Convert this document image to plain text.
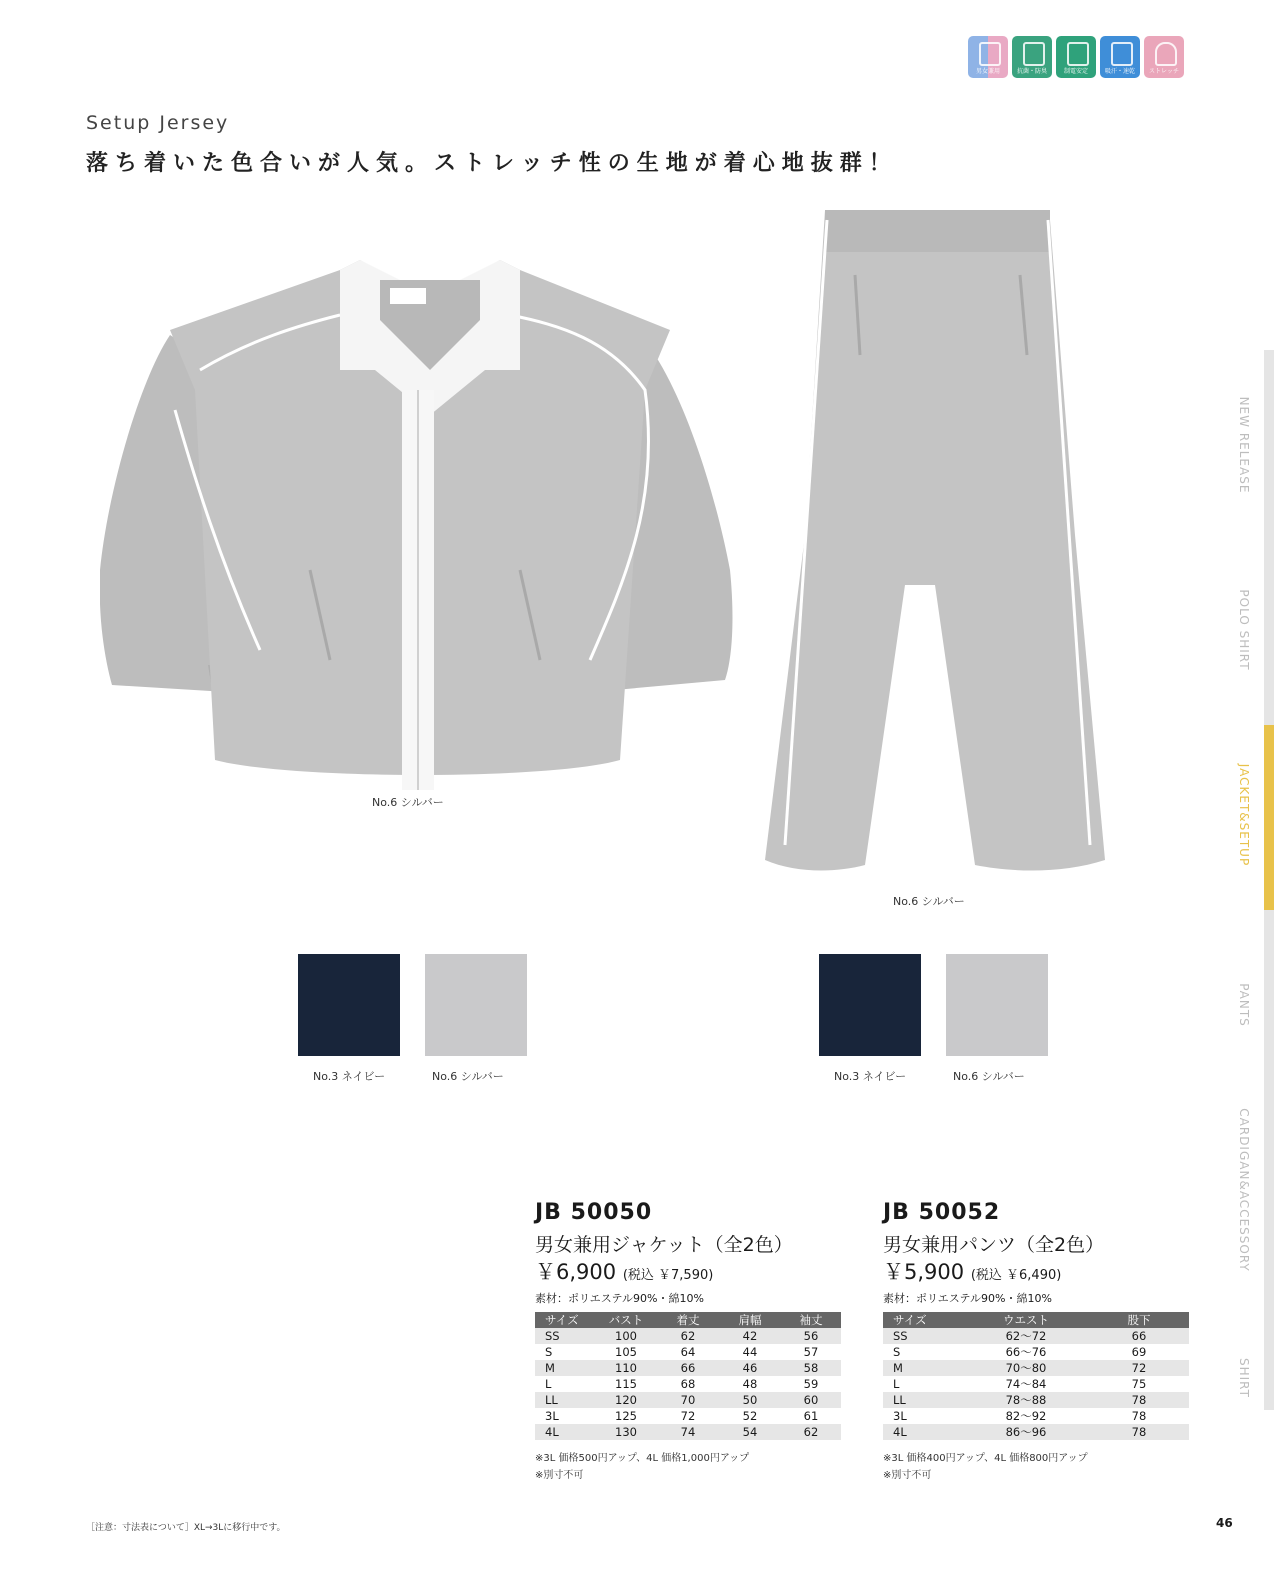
男女兼用	抗菌・防臭	制電安定	吸汗・速乾	ストレッチ
Setup Jersey
落ち着いた色合いが人気。ストレッチ性の生地が着心地抜群！
No.6 シルバー
No.6 シルバー
No.3 ネイビー	No.6 シルバー	No.3 ネイビー	No.6 シルバー
JB 50050
男女兼用ジャケット（全2色）
￥6,900 (税込 ￥7,590)
素材：ポリエステル90%・綿10%
サイズ	バスト	着丈	肩幅	袖丈
SS	100	62	42	56
S	105	64	44	57
M	110	66	46	58
L	115	68	48	59
LL	120	70	50	60
3L	125	72	52	61
4L	130	74	54	62
※3L 価格500円アップ、4L 価格1,000円アップ
※別寸不可
JB 50052
男女兼用パンツ（全2色）
￥5,900 (税込 ￥6,490)
素材：ポリエステル90%・綿10%
サイズ	ウエスト	股下
SS	62〜72	66
S	66〜76	69
M	70〜80	72
L	74〜84	75
LL	78〜88	78
3L	82〜92	78
4L	86〜96	78
※3L 価格400円アップ、4L 価格800円アップ
※別寸不可
NEW RELEASE
POLO SHIRT
JACKET&SETUP
PANTS
CARDIGAN&ACCESSORY
SHIRT
［注意：寸法表について］XL→3Lに移行中です。	46
